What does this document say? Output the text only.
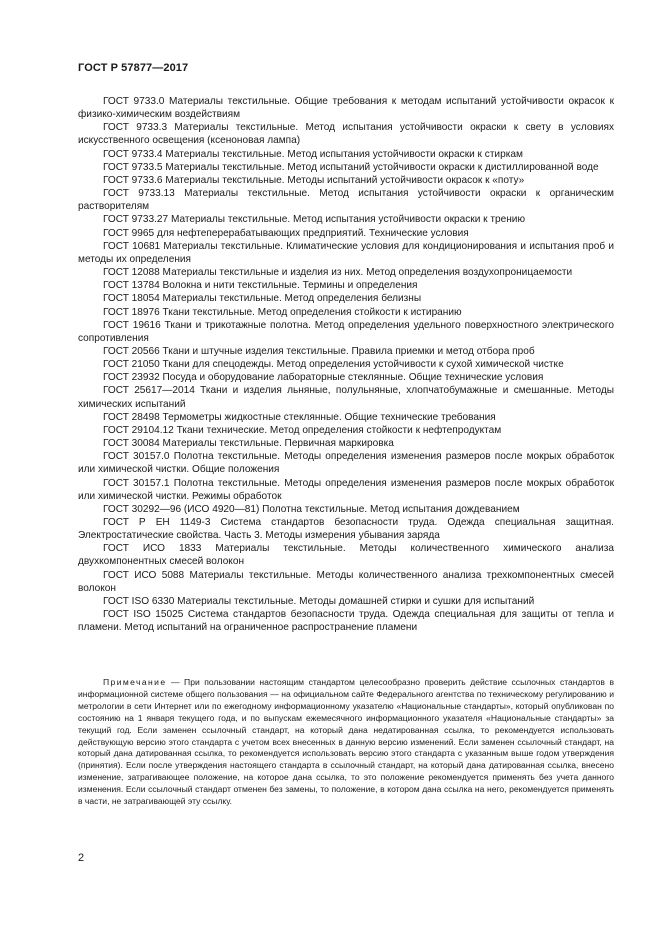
ГОСТ Р 57877—2017
ГОСТ 9733.0 Материалы текстильные. Общие требования к методам испытаний устойчивости окрасок к физико-химическим воздействиям
ГОСТ 9733.3 Материалы текстильные. Метод испытания устойчивости окраски к свету в условиях искусственного освещения (ксеноновая лампа)
ГОСТ 9733.4 Материалы текстильные. Метод испытания устойчивости окраски к стиркам
ГОСТ 9733.5 Материалы текстильные. Метод испытаний устойчивости окраски к дистиллированной воде
ГОСТ 9733.6 Материалы текстильные. Методы испытаний устойчивости окрасок к «поту»
ГОСТ 9733.13 Материалы текстильные. Метод испытания устойчивости окраски к органическим растворителям
ГОСТ 9733.27 Материалы текстильные. Метод испытания устойчивости окраски к трению
ГОСТ 9965 для нефтеперерабатывающих предприятий. Технические условия
ГОСТ 10681 Материалы текстильные. Климатические условия для кондиционирования и испытания проб и методы их определения
ГОСТ 12088 Материалы текстильные и изделия из них. Метод определения воздухопроницаемости
ГОСТ 13784 Волокна и нити текстильные. Термины и определения
ГОСТ 18054 Материалы текстильные. Метод определения белизны
ГОСТ 18976 Ткани текстильные. Метод определения стойкости к истиранию
ГОСТ 19616 Ткани и трикотажные полотна. Метод определения удельного поверхностного электрического сопротивления
ГОСТ 20566 Ткани и штучные изделия текстильные. Правила приемки и метод отбора проб
ГОСТ 21050 Ткани для спецодежды. Метод определения устойчивости к сухой химической чистке
ГОСТ 23932 Посуда и оборудование лабораторные стеклянные. Общие технические условия
ГОСТ 25617—2014 Ткани и изделия льняные, полульняные, хлопчатобумажные и смешанные. Методы химических испытаний
ГОСТ 28498 Термометры жидкостные стеклянные. Общие технические требования
ГОСТ 29104.12 Ткани технические. Метод определения стойкости к нефтепродуктам
ГОСТ 30084 Материалы текстильные. Первичная маркировка
ГОСТ 30157.0 Полотна текстильные. Методы определения изменения размеров после мокрых обработок или химической чистки. Общие положения
ГОСТ 30157.1 Полотна текстильные. Методы определения изменения размеров после мокрых обработок или химической чистки. Режимы обработок
ГОСТ 30292—96 (ИСО 4920—81) Полотна текстильные. Метод испытания дождеванием
ГОСТ Р ЕН 1149-3 Система стандартов безопасности труда. Одежда специальная защитная. Электростатические свойства. Часть 3. Методы измерения убывания заряда
ГОСТ ИСО 1833 Материалы текстильные. Методы количественного химического анализа двухкомпонентных смесей волокон
ГОСТ ИСО 5088 Материалы текстильные. Методы количественного анализа трехкомпонентных смесей волокон
ГОСТ ISO 6330 Материалы текстильные. Методы домашней стирки и сушки для испытаний
ГОСТ ISO 15025 Система стандартов безопасности труда. Одежда специальная для защиты от тепла и пламени. Метод испытаний на ограниченное распространение пламени
Примечание — При пользовании настоящим стандартом целесообразно проверить действие ссылочных стандартов в информационной системе общего пользования — на официальном сайте Федерального агентства по техническому регулированию и метрологии в сети Интернет или по ежегодному информационному указателю «Национальные стандарты», который опубликован по состоянию на 1 января текущего года, и по выпускам ежемесячного информационного указателя «Национальные стандарты» за текущий год. Если заменен ссылочный стандарт, на который дана недатированная ссылка, то рекомендуется использовать действующую версию этого стандарта с учетом всех внесенных в данную версию изменений. Если заменен ссылочный стандарт, на который дана датированная ссылка, то рекомендуется использовать версию этого стандарта с указанным выше годом утверждения (принятия). Если после утверждения настоящего стандарта в ссылочный стандарт, на который дана датированная ссылка, внесено изменение, затрагивающее положение, на которое дана ссылка, то это положение рекомендуется применять без учета данного изменения. Если ссылочный стандарт отменен без замены, то положение, в котором дана ссылка на него, рекомендуется применять в части, не затрагивающей эту ссылку.
2
